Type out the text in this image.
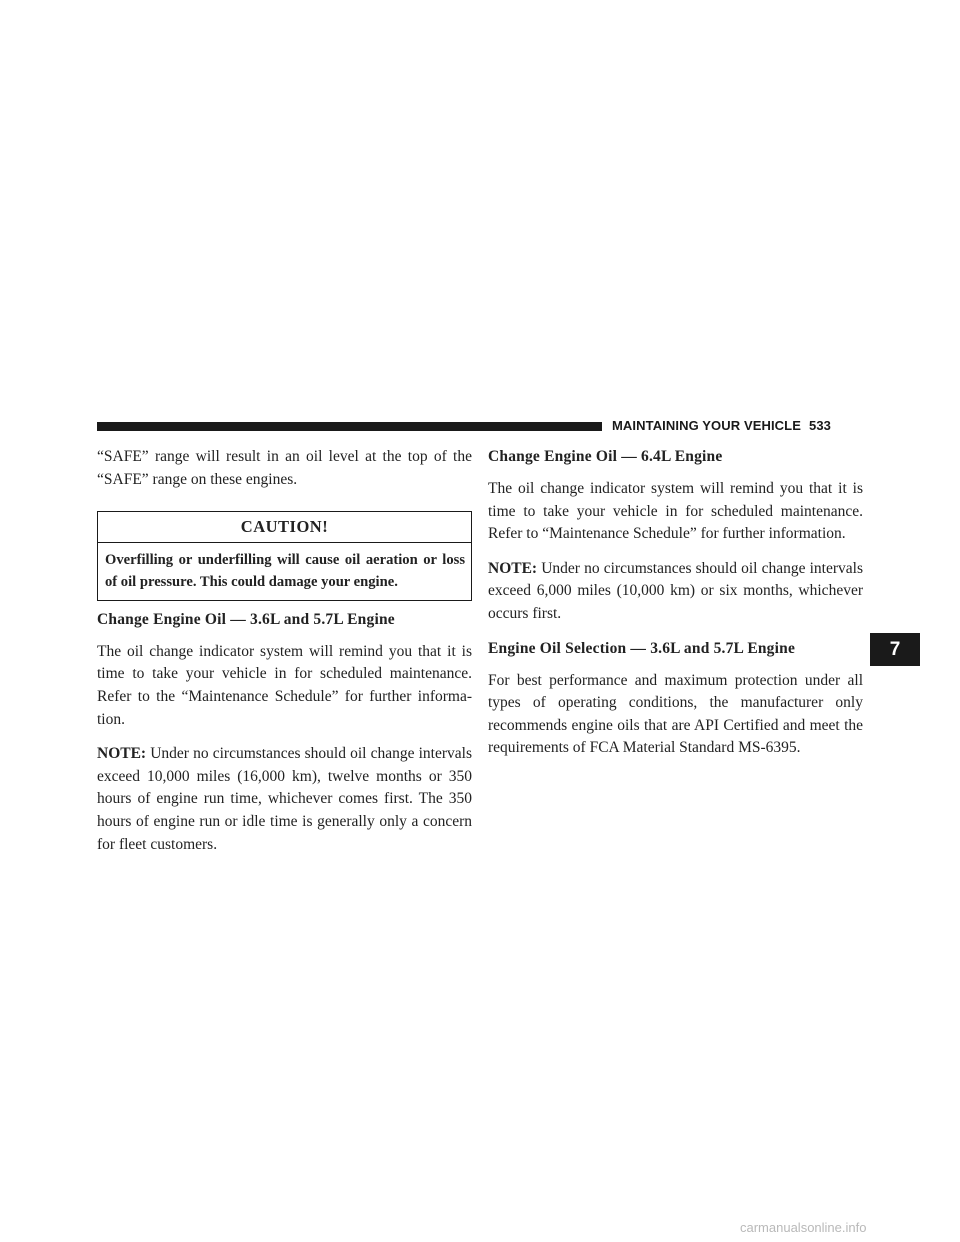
MAINTAINING YOUR VEHICLE 533

“SAFE” range will result in an oil level at the top of the “SAFE” range on these engines.

CAUTION!
Overfilling or underfilling will cause oil aeration or loss of oil pressure. This could damage your engine.
Change Engine Oil — 3.6L and 5.7L Engine

The oil change indicator system will remind you that it is time to take your vehicle in for scheduled maintenance. Refer to the “Maintenance Schedule” for further information.

NOTE: Under no circumstances should oil change intervals exceed 10,000 miles (16,000 km), twelve months or 350 hours of engine run time, whichever comes first. The 350 hours of engine run or idle time is generally only a concern for fleet customers.

Change Engine Oil — 6.4L Engine

The oil change indicator system will remind you that it is time to take your vehicle in for scheduled maintenance. Refer to “Maintenance Schedule” for further information.

NOTE: Under no circumstances should oil change intervals exceed 6,000 miles (10,000 km) or six months, whichever occurs first.

Engine Oil Selection — 3.6L and 5.7L Engine

For best performance and maximum protection under all types of operating conditions, the manufacturer only recommends engine oils that are API Certified and meet the requirements of FCA Material Standard MS-6395.

7
carmanualsonline.info
